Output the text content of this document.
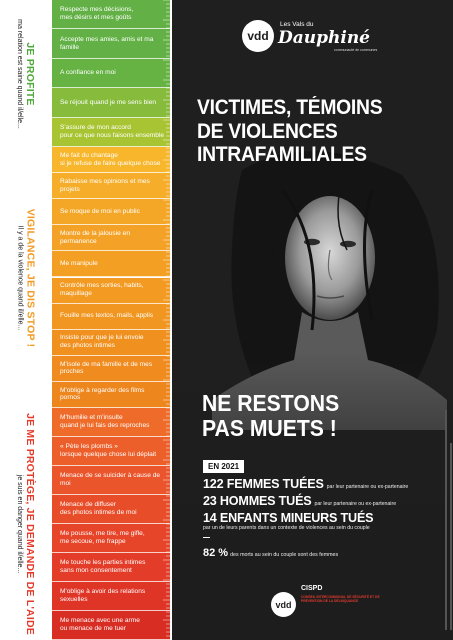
JE PROFITE
ma relation est saine quand il/elle...
VIGILANCE, JE DIS STOP !
Il y a de la violence quand il/elle...
JE ME PROTÈGE, JE DEMANDE DE L'AIDE
je suis en danger quand il/elle...
Respecte mes décisions,
mes désirs et mes goûts
Accepte mes amies, amis et ma famille
A confiance en moi
Se réjouit quand je me sens bien
S'assure de mon accord
pour ce que nous faisons ensemble
Me fait du chantage
si je refuse de faire quelque chose
Rabaisse mes opinions et mes projets
Se moque de moi en public
Montre de la jalousie en permanence
Me manipule
Contrôle mes sorties, habits, maquillage
Fouille mes textos, mails, applis
Insiste pour que je lui envoie
des photos intimes
M'isole de ma famille et de mes proches
M'oblige à regarder des films pornos
M'humilie et m'insulte
quand je lui fais des reproches
« Pète les plombs »
lorsque quelque chose lui déplait
Menace de se suicider à cause de moi
Menace de diffuser
des photos intimes de moi
Me pousse, me tire, me gifle,
me secoue, me frappe
Me touche les parties intimes
sans mon consentement
M'oblige à avoir des relations sexuelles
Me menace avec une arme
ou menace de me tuer
vdd
Les Vals du
Dauphiné
communauté de communes
VICTIMES, TÉMOINS
DE VIOLENCES
INTRAFAMILIALES
NE RESTONS
PAS MUETS !
EN 2021
122 FEMMES TUÉES par leur partenaire ou ex-partenaire
23 HOMMES TUÉS par leur partenaire ou ex-partenaire
14 ENFANTS MINEURS TUÉS
par un de leurs parents dans un contexte de violences au sein du couple
82 % des morts au sein du couple sont des femmes
vdd
CISPD
CONSEIL INTERCOMMUNAL DE SÉCURITÉ ET DE PRÉVENTION DE LA DÉLINQUANCE
